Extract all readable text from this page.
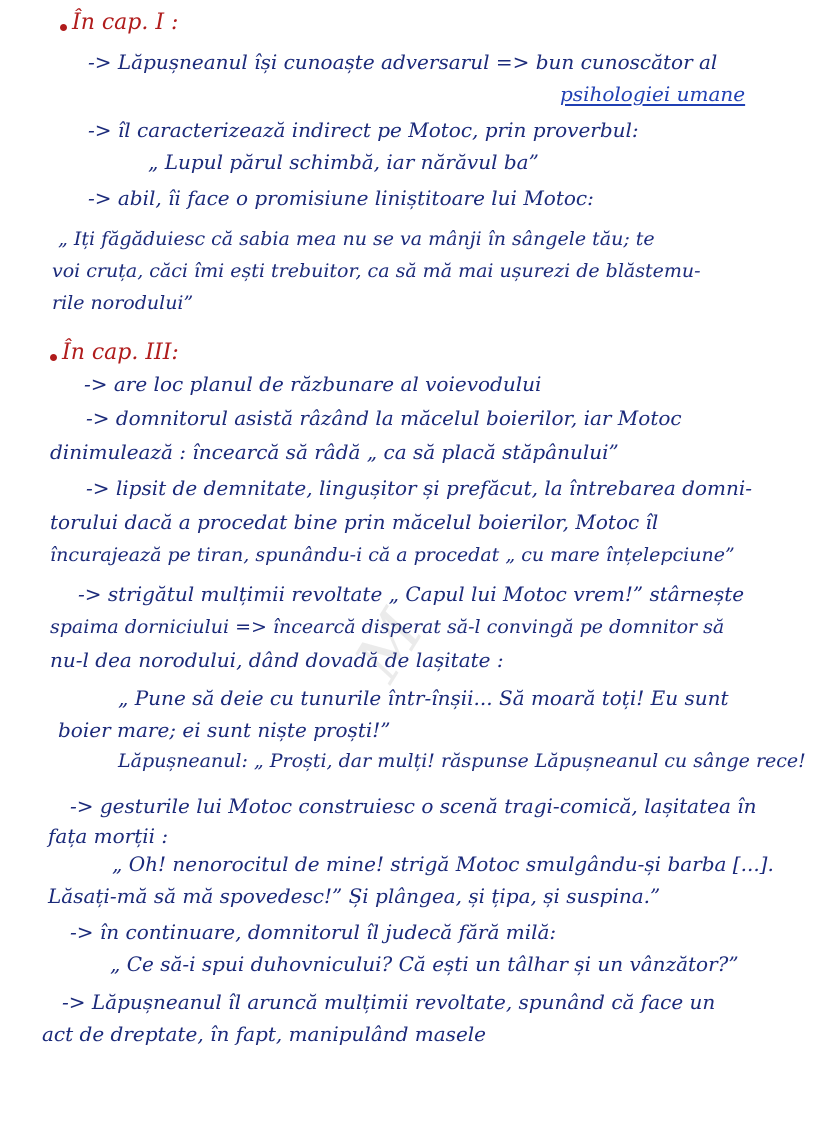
În cap. I :
-> Lăpușneanul își cunoaște adversarul => bun cunoscător al
psihologiei umane
-> îl caracterizează indirect pe Motoc, prin proverbul:
„ Lupul părul schimbă, iar nărăvul ba”
-> abil, îi face o promisiune liniștitoare lui Motoc:
„ Iți făgăduiesc că sabia mea nu se va mânji în sângele tău; te
voi cruța, căci îmi ești trebuitor, ca să mă mai ușurezi de blăstemu-
rile norodului”
În cap. III:
-> are loc planul de răzbunare al voievodului
-> domnitorul asistă râzând la măcelul boierilor, iar Motoc
dinimulează : încearcă să râdă „ ca să placă stăpânului”
-> lipsit de demnitate, lingușitor și prefăcut, la întrebarea domni-
torului dacă a procedat bine prin măcelul boierilor, Motoc îl
încurajează pe tiran, spunându-i că a procedat „ cu mare înțelepciune”
-> strigătul mulțimii revoltate „ Capul lui Motoc vrem!” stârnește
spaima dorniciului => încearcă disperat să-l convingă pe domnitor să
nu-l dea norodului, dând dovadă de lașitate :
„ Pune să deie cu tunurile într-înșii... Să moară toți! Eu sunt
boier mare; ei sunt niște proști!”
Lăpușneanul: „ Proști, dar mulți! răspunse Lăpușneanul cu sânge rece!
-> gesturile lui Motoc construiesc o scenă tragi-comică, lașitatea în
fața morții :
„ Oh! nenorocitul de mine! strigă Motoc smulgându-și barba [...].
Lăsați-mă să mă spovedesc!” Și plângea, și țipa, și suspina.”
-> în continuare, domnitorul îl judecă fără milă:
„ Ce să-i spui duhovnicului? Că ești un tâlhar și un vânzător?”
-> Lăpușneanul îl aruncă mulțimii revoltate, spunând că face un
act de dreptate, în fapt, manipulând masele
M
